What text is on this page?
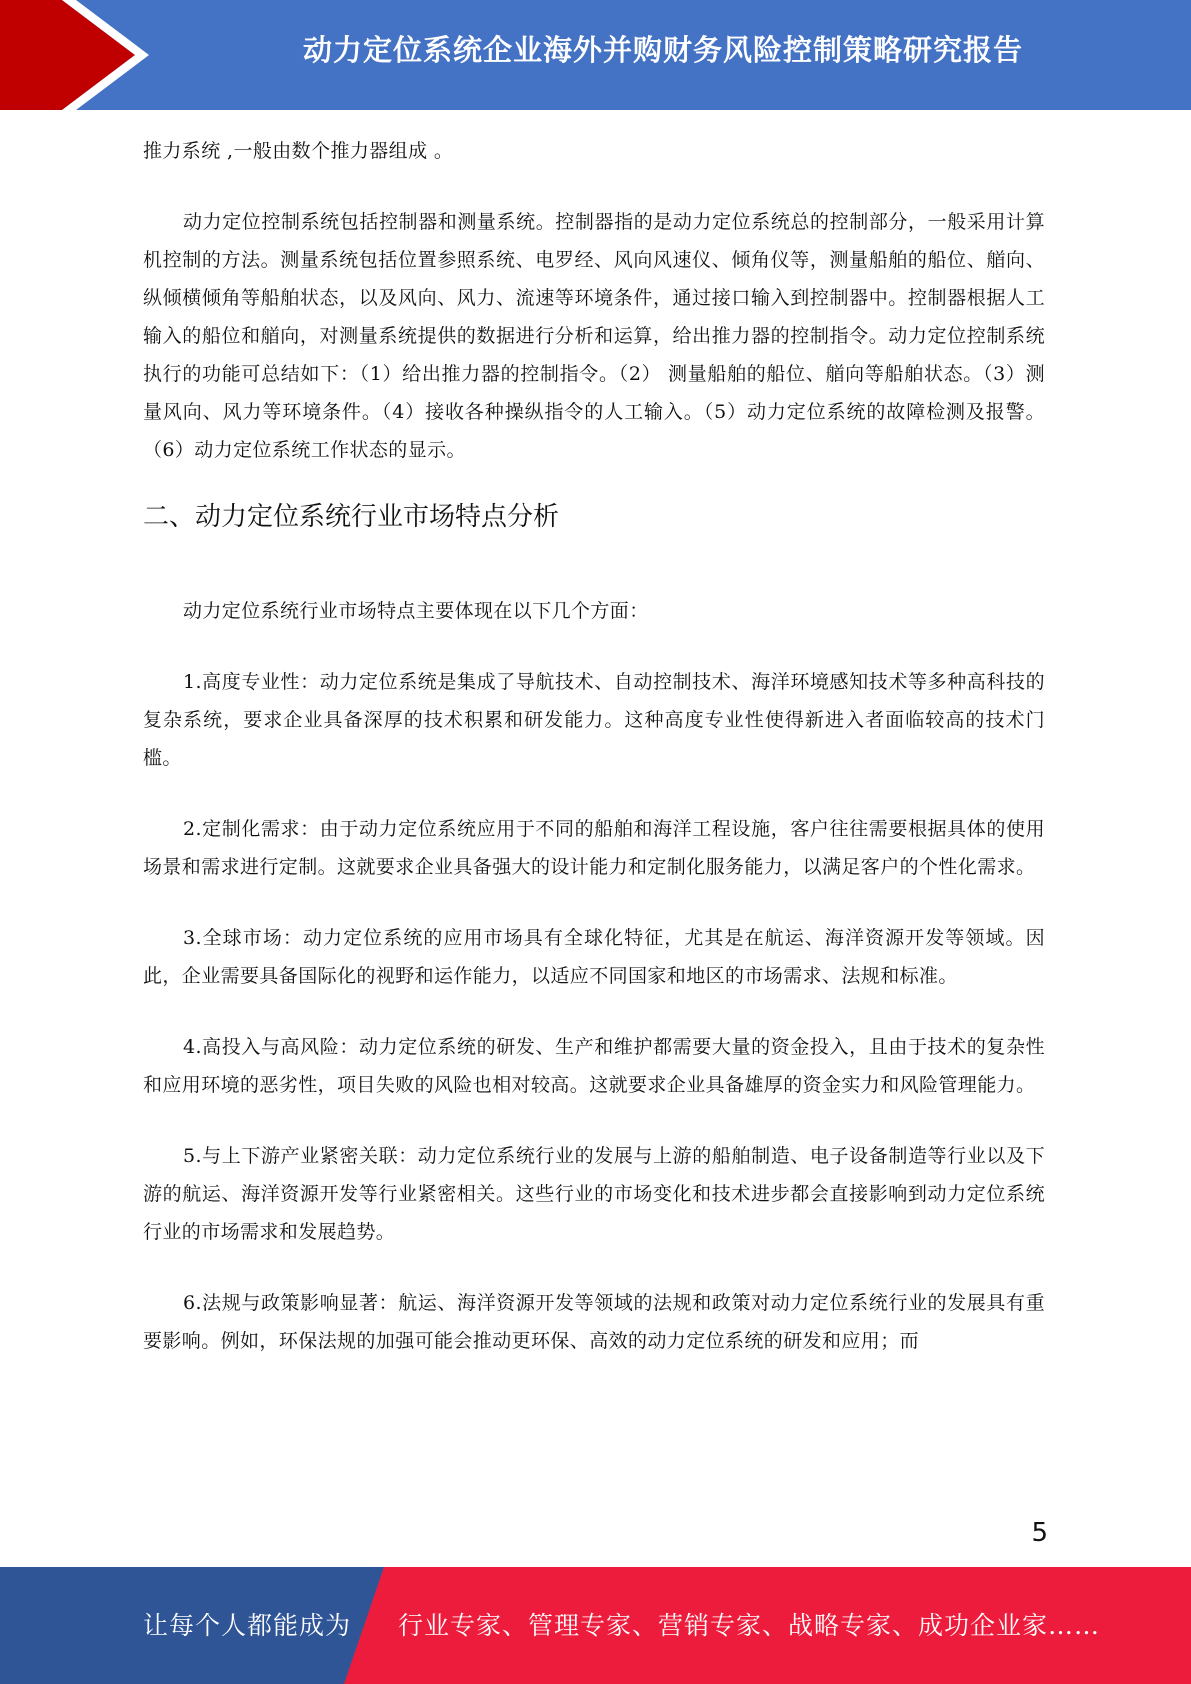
动力定位系统企业海外并购财务风险控制策略研究报告

推力系统 ,一般由数个推力器组成 。

动力定位控制系统包括控制器和测量系统。控制器指的是动力定位系统总的控制部分，一般采用计算机控制的方法。测量系统包括位置参照系统、电罗经、风向风速仪、倾角仪等，测量船舶的船位、艏向、纵倾横倾角等船舶状态，以及风向、风力、流速等环境条件，通过接口输入到控制器中。控制器根据人工输入的船位和艏向，对测量系统提供的数据进行分析和运算，给出推力器的控制指令。动力定位控制系统执行的功能可总结如下：（1）给出推力器的控制指令。（2） 测量船舶的船位、艏向等船舶状态。（3）测量风向、风力等环境条件。（4）接收各种操纵指令的人工输入。（5）动力定位系统的故障检测及报警。（6）动力定位系统工作状态的显示。

二、动力定位系统行业市场特点分析

动力定位系统行业市场特点主要体现在以下几个方面：

1.高度专业性：动力定位系统是集成了导航技术、自动控制技术、海洋环境感知技术等多种高科技的复杂系统，要求企业具备深厚的技术积累和研发能力。这种高度专业性使得新进入者面临较高的技术门槛。

2.定制化需求：由于动力定位系统应用于不同的船舶和海洋工程设施，客户往往需要根据具体的使用场景和需求进行定制。这就要求企业具备强大的设计能力和定制化服务能力，以满足客户的个性化需求。

3.全球市场：动力定位系统的应用市场具有全球化特征，尤其是在航运、海洋资源开发等领域。因此，企业需要具备国际化的视野和运作能力，以适应不同国家和地区的市场需求、法规和标准。

4.高投入与高风险：动力定位系统的研发、生产和维护都需要大量的资金投入，且由于技术的复杂性和应用环境的恶劣性，项目失败的风险也相对较高。这就要求企业具备雄厚的资金实力和风险管理能力。

5.与上下游产业紧密关联：动力定位系统行业的发展与上游的船舶制造、电子设备制造等行业以及下游的航运、海洋资源开发等行业紧密相关。这些行业的市场变化和技术进步都会直接影响到动力定位系统行业的市场需求和发展趋势。

6.法规与政策影响显著：航运、海洋资源开发等领域的法规和政策对动力定位系统行业的发展具有重要影响。例如，环保法规的加强可能会推动更环保、高效的动力定位系统的研发和应用；而

5
让每个人都能成为 行业专家、管理专家、营销专家、战略专家、成功企业家……
